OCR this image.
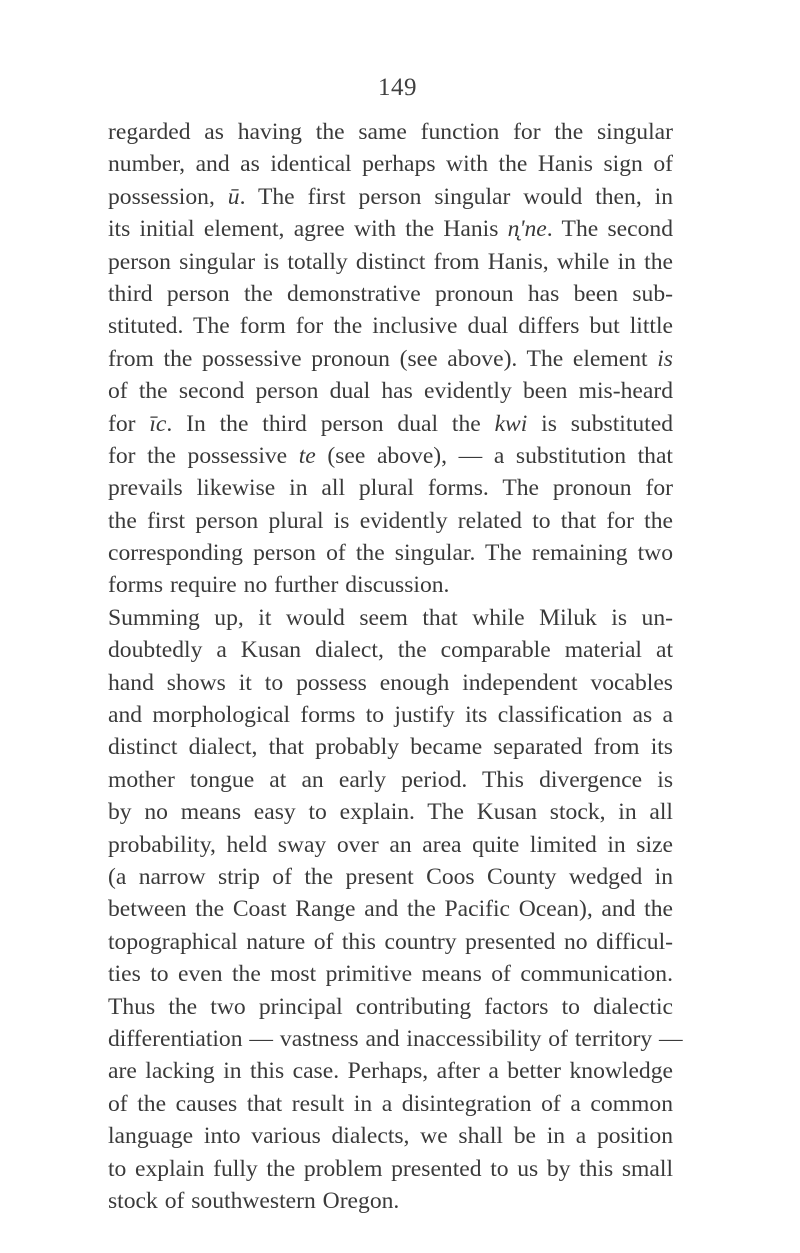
149
regarded as having the same function for the singular
number, and as identical perhaps with the Hanis sign of
possession, ū. The first person singular would then, in
its initial element, agree with the Hanis n̨'ne. The second
person singular is totally distinct from Hanis, while in the
third person the demonstrative pronoun has been sub-
stituted. The form for the inclusive dual differs but little
from the possessive pronoun (see above). The element is
of the second person dual has evidently been mis-heard
for īc. In the third person dual the kwi is substituted
for the possessive te (see above), — a substitution that
prevails likewise in all plural forms. The pronoun for
the first person plural is evidently related to that for the
corresponding person of the singular. The remaining two
forms require no further discussion.
Summing up, it would seem that while Miluk is un-
doubtedly a Kusan dialect, the comparable material at
hand shows it to possess enough independent vocables
and morphological forms to justify its classification as a
distinct dialect, that probably became separated from its
mother tongue at an early period. This divergence is
by no means easy to explain. The Kusan stock, in all
probability, held sway over an area quite limited in size
(a narrow strip of the present Coos County wedged in
between the Coast Range and the Pacific Ocean), and the
topographical nature of this country presented no difficul-
ties to even the most primitive means of communication.
Thus the two principal contributing factors to dialectic
differentiation — vastness and inaccessibility of territory —
are lacking in this case. Perhaps, after a better knowledge
of the causes that result in a disintegration of a common
language into various dialects, we shall be in a position
to explain fully the problem presented to us by this small
stock of southwestern Oregon.
